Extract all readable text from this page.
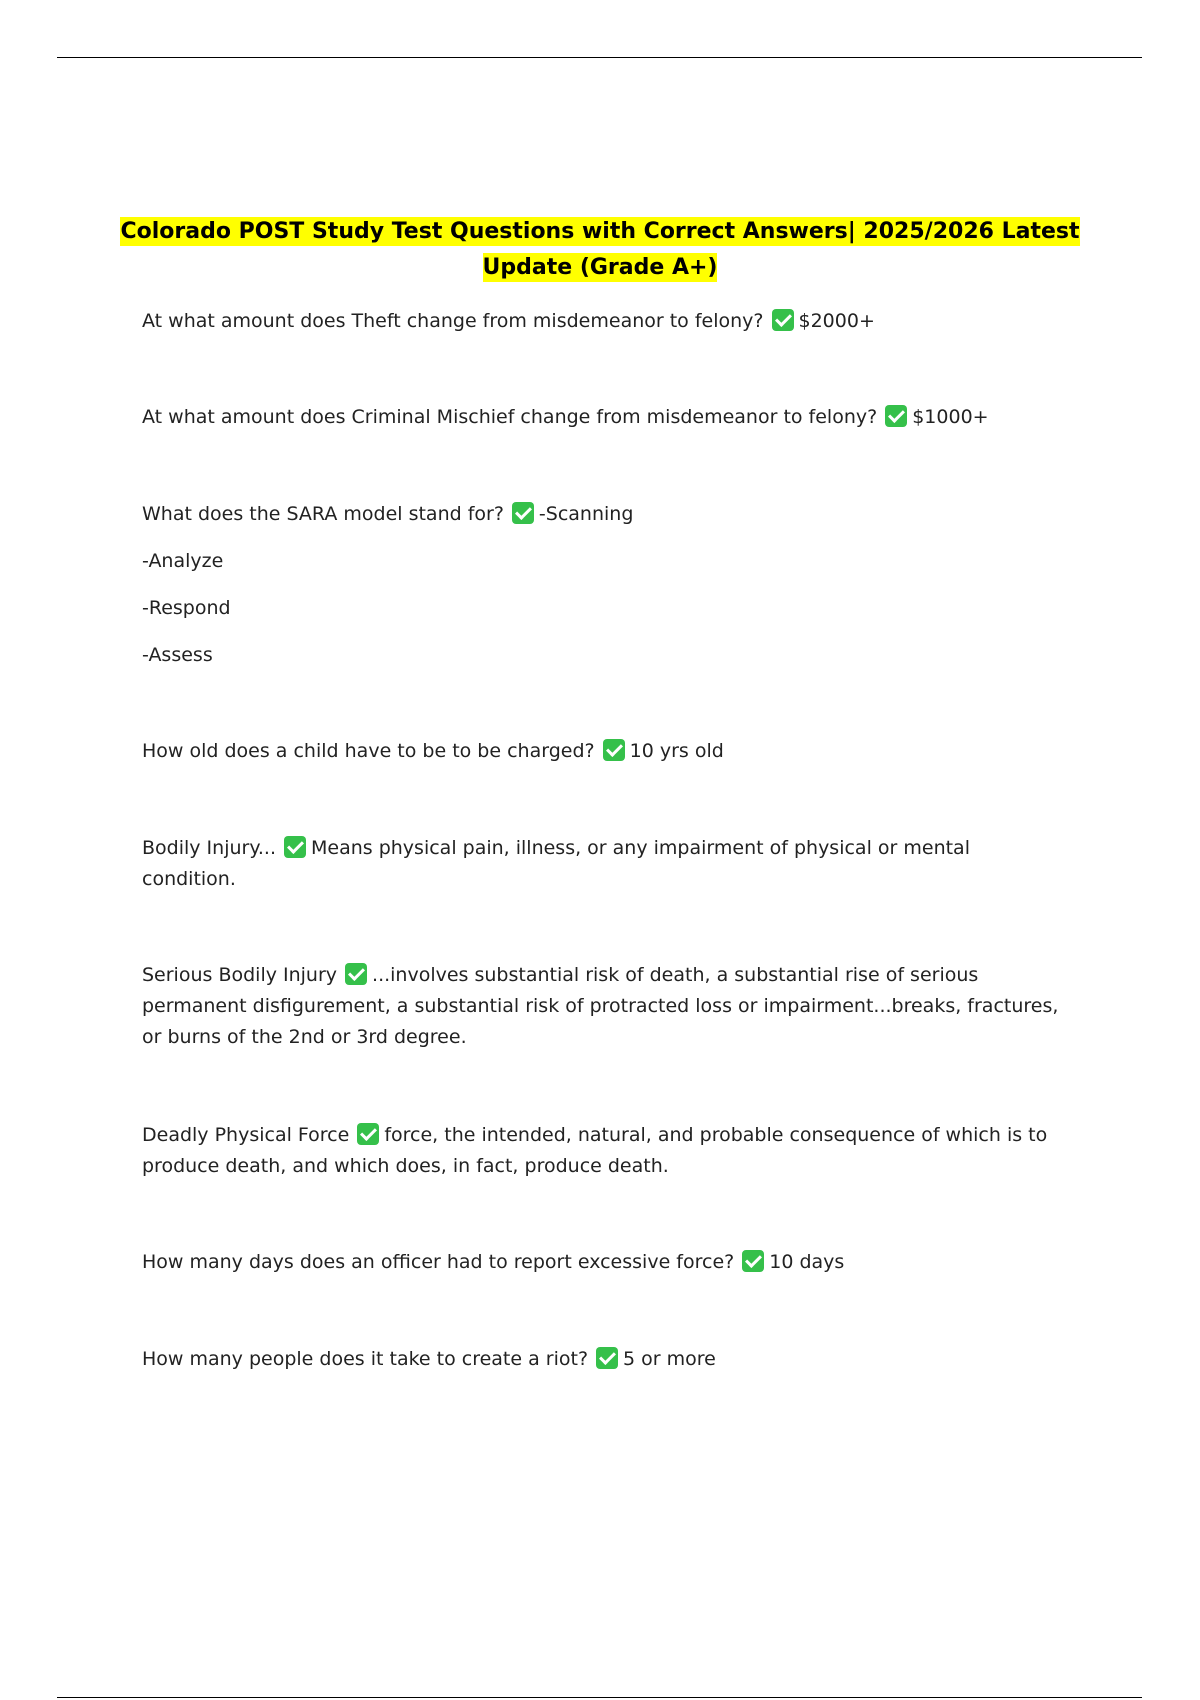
Colorado POST Study Test Questions with Correct Answers| 2025/2026 Latest
Update (Grade A+)
At what amount does Theft change from misdemeanor to felony? $2000+
At what amount does Criminal Mischief change from misdemeanor to felony? $1000+
What does the SARA model stand for? -Scanning
-Analyze
-Respond
-Assess
How old does a child have to be to be charged? 10 yrs old
Bodily Injury... Means physical pain, illness, or any impairment of physical or mental condition.
Serious Bodily Injury ...involves substantial risk of death, a substantial rise of serious permanent disfigurement, a substantial risk of protracted loss or impairment...breaks, fractures, or burns of the 2nd or 3rd degree.
Deadly Physical Force force, the intended, natural, and probable consequence of which is to produce death, and which does, in fact, produce death.
How many days does an officer had to report excessive force? 10 days
How many people does it take to create a riot? 5 or more
